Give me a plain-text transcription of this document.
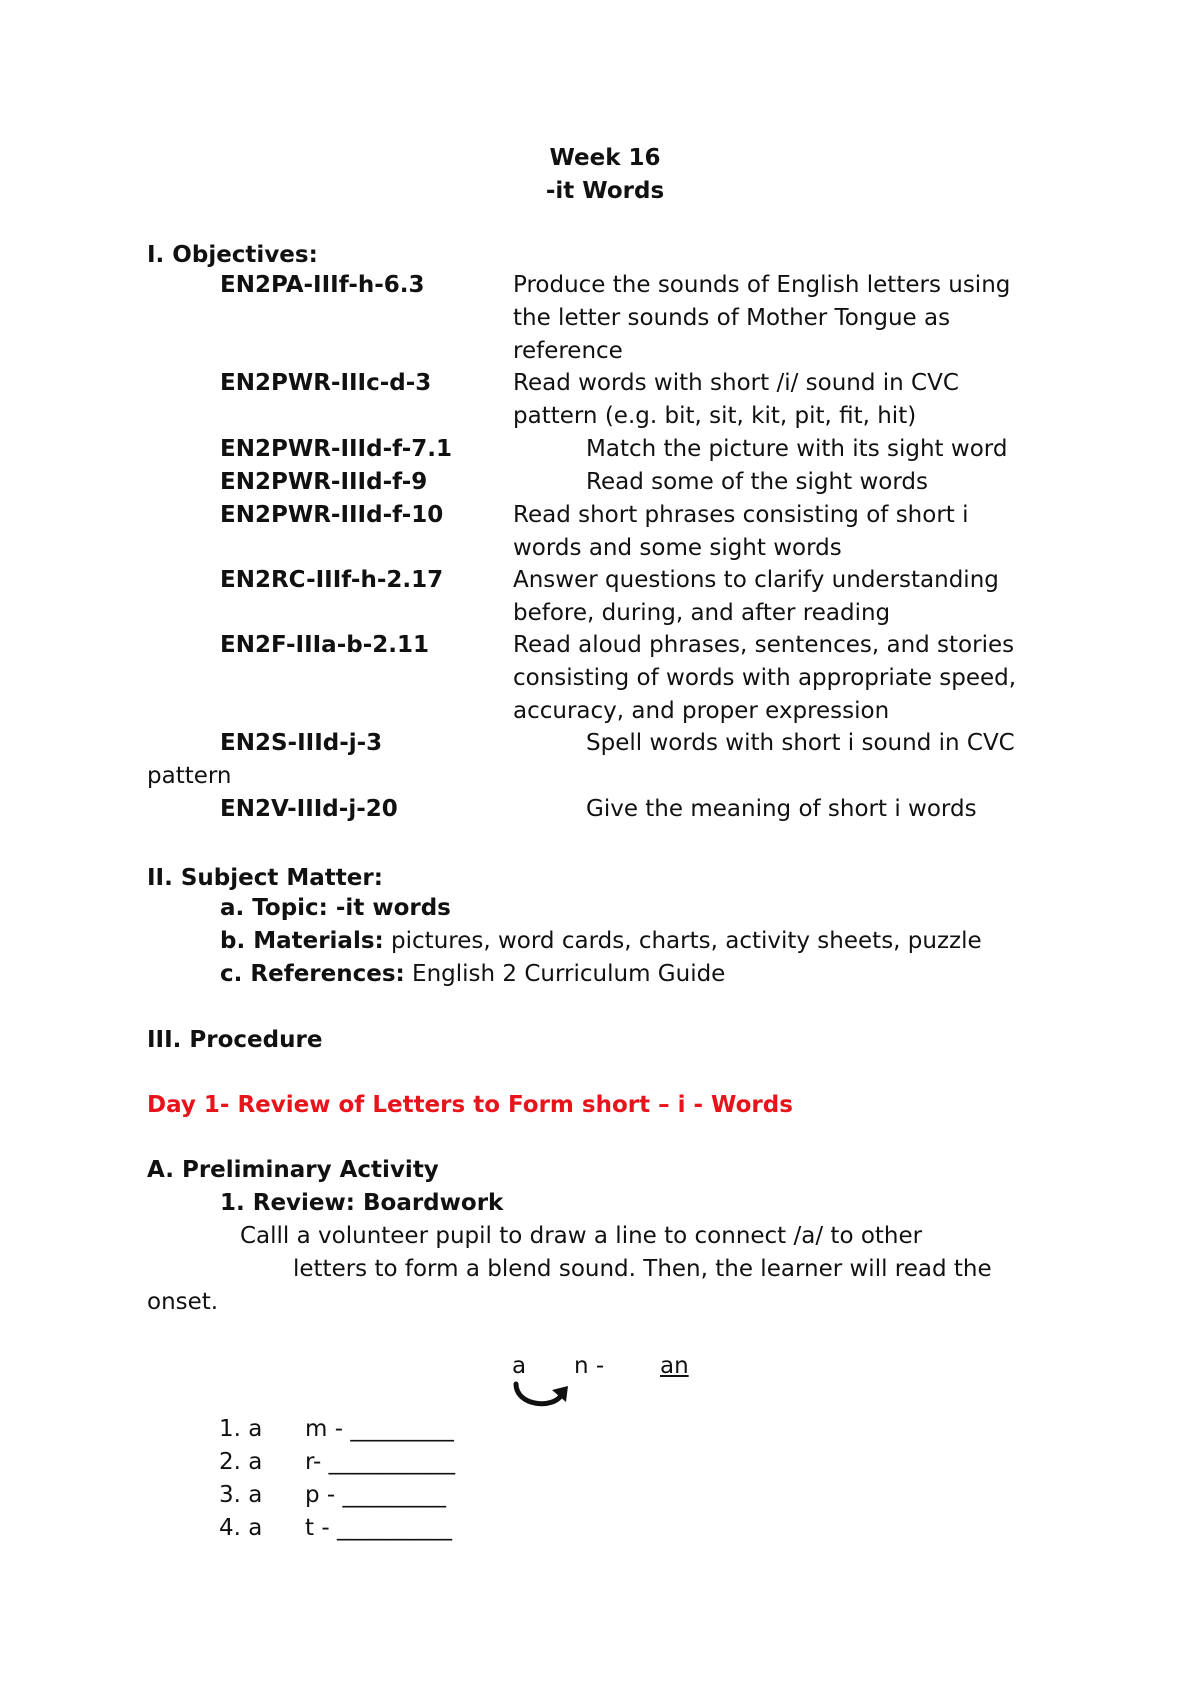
Week 16
-it Words
I. Objectives:
EN2PA-IIIf-h-6.3	Produce the sounds of English letters using
the letter sounds of Mother Tongue as
reference
EN2PWR-IIIc-d-3	Read words with short /i/ sound in CVC
pattern (e.g. bit, sit, kit, pit, fit, hit)
EN2PWR-IIId-f-7.1	Match the picture with its sight word
EN2PWR-IIId-f-9	Read some of the sight words
EN2PWR-IIId-f-10	Read short phrases consisting of short i
words and some sight words
EN2RC-IIIf-h-2.17	Answer questions to clarify understanding
before, during, and after reading
EN2F-IIIa-b-2.11	Read aloud phrases, sentences, and stories
consisting of words with appropriate speed,
accuracy, and proper expression
EN2S-IIId-j-3	Spell words with short i sound in CVC
pattern
EN2V-IIId-j-20	Give the meaning of short i words
II. Subject Matter:
a. Topic: -it words
b. Materials: pictures, word cards, charts, activity sheets, puzzle
c. References: English 2 Curriculum Guide
III. Procedure
Day 1- Review of Letters to Form short – i - Words
A. Preliminary Activity
1. Review: Boardwork
Calll a volunteer pupil to draw a line to connect /a/ to other
letters to form a blend sound. Then, the learner will read the
onset.
a n - an
1. a m - _________
2. a r- ___________
3. a p - _________
4. a t - __________
